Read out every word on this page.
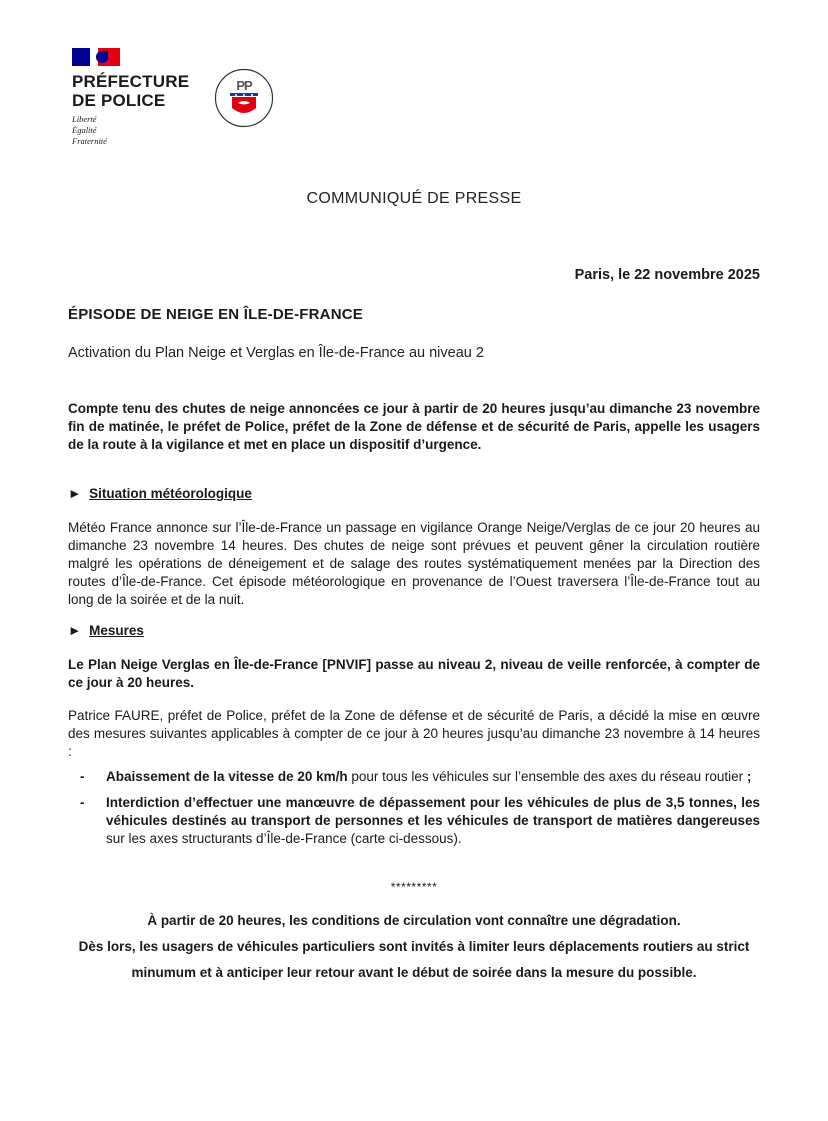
PRÉFECTURE
DE POLICE
Liberté
Égalité
Fraternité
PP
COMMUNIQUÉ DE PRESSE
Paris, le 22 novembre 2025
ÉPISODE DE NEIGE EN ÎLE-DE-FRANCE
Activation du Plan Neige et Verglas en Île-de-France au niveau 2
Compte tenu des chutes de neige annoncées ce jour à partir de 20 heures jusqu’au dimanche 23 novembre fin de matinée, le préfet de Police, préfet de la Zone de défense et de sécurité de Paris, appelle les usagers de la route à la vigilance et met en place un dispositif d’urgence.
► Situation météorologique
Météo France annonce sur l’Île-de-France un passage en vigilance Orange Neige/Verglas de ce jour 20 heures au dimanche 23 novembre 14 heures. Des chutes de neige sont prévues et peuvent gêner la circulation routière malgré les opérations de déneigement et de salage des routes systématiquement menées par la Direction des routes d’Île-de-France. Cet épisode météorologique en provenance de l’Ouest traversera l’Île-de-France tout au long de la soirée et de la nuit.
► Mesures
Le Plan Neige Verglas en Île-de-France [PNVIF] passe au niveau 2, niveau de veille renforcée, à compter de ce jour à 20 heures.
Patrice FAURE, préfet de Police, préfet de la Zone de défense et de sécurité de Paris, a décidé la mise en œuvre des mesures suivantes applicables à compter de ce jour à 20 heures jusqu’au dimanche 23 novembre à 14 heures :
-	Abaissement de la vitesse de 20 km/h pour tous les véhicules sur l’ensemble des axes du réseau routier ;
-	Interdiction d’effectuer une manœuvre de dépassement pour les véhicules de plus de 3,5 tonnes, les véhicules destinés au transport de personnes et les véhicules de transport de matières dangereuses sur les axes structurants d’Île-de-France (carte ci-dessous).
*********
À partir de 20 heures, les conditions de circulation vont connaître une dégradation.
Dès lors, les usagers de véhicules particuliers sont invités à limiter leurs déplacements routiers au strict minumum et à anticiper leur retour avant le début de soirée dans la mesure du possible.
